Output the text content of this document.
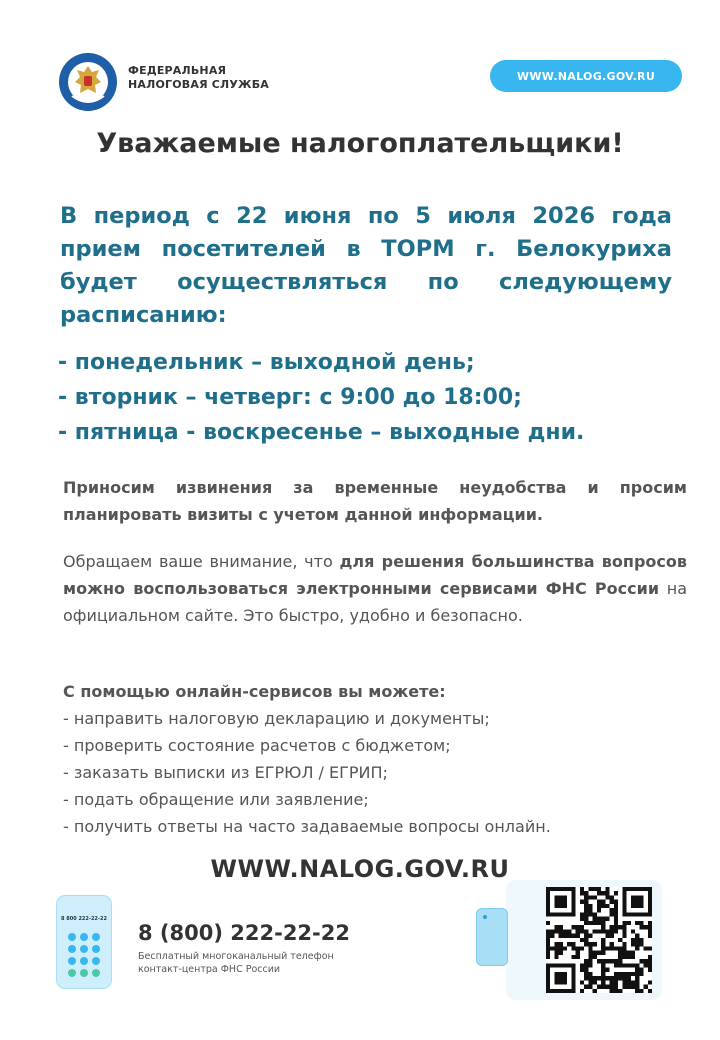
ФЕДЕРАЛЬНАЯ
НАЛОГОВАЯ СЛУЖБА
WWW.NALOG.GOV.RU
Уважаемые налогоплательщики!
В период с 22 июня по 5 июля 2026 года прием посетителей в ТОРМ г. Белокуриха будет осуществляться по следующему расписанию:
- понедельник – выходной день;
- вторник – четверг: с 9:00 до 18:00;
- пятница - воскресенье – выходные дни.
Приносим извинения за временные неудобства и просим планировать визиты с учетом данной информации.
Обращаем ваше внимание, что для решения большинства вопросов можно воспользоваться электронными сервисами ФНС России на официальном сайте. Это быстро, удобно и безопасно.
С помощью онлайн-сервисов вы можете:
- направить налоговую декларацию и документы;
- проверить состояние расчетов с бюджетом;
- заказать выписки из ЕГРЮЛ / ЕГРИП;
- подать обращение или заявление;
- получить ответы на часто задаваемые вопросы онлайн.
WWW.NALOG.GOV.RU
8 800 222-22-22
8 (800) 222-22-22
Бесплатный многоканальный телефон
контакт-центра ФНС России
